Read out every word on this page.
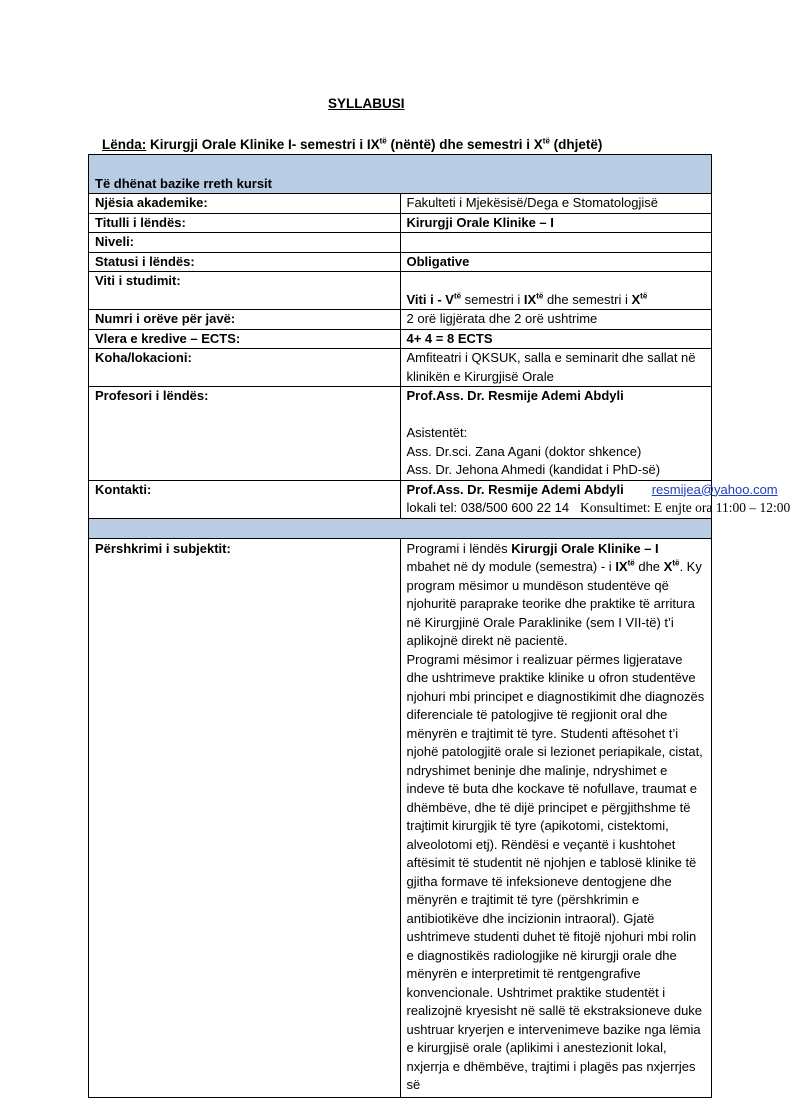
SYLLABUSI
Lënda: Kirurgji Orale Klinike I- semestri i $IX^{të}$ (nëntë) dhe semestri i $X^{të}$ (dhjetë)
Të dhënat bazike rreth kursit	
Njësia akademike:	Fakulteti i Mjekësisë/Dega e Stomatologjisë
Titulli i lëndës:	Kirurgji Orale Klinike – I
Niveli:	
Statusi i lëndës:	Obligative
Viti i studimit:	Viti i - $V^{të}$ semestri i $IX^{të}$ dhe semestri i $X^{të}$
Numri i orëve për javë:	2 orë ligjërata dhe 2 orë ushtrime
Vlera e kredive – ECTS:	4+ 4 = 8 ECTS
Koha/lokacioni:	Amfiteatri i QKSUK, salla e seminarit dhe sallat në klinikën e Kirurgjisë Orale
Profesori i lëndës:	Prof.Ass. Dr. Resmije Ademi Abdyli
Asistentët:
Ass. Dr.sci. Zana Agani (doktor shkence)
Ass. Dr. Jehona Ahmedi (kandidat i PhD-së)

Kontakti:	Prof.Ass. Dr. Resmije Ademi Abdyli resmijea@yahoo.com
lokali tel: 038/500 600 22 14 Konsultimet: E enjte ora 11:00 – 12:00

Përshkrimi i subjektit:	Programi i lëndës Kirurgji Orale Klinike – I mbahet në dy module (semestra) - i $IX^{të}$ dhe $X^{të}$. Ky program mësimor u mundëson studentëve që njohuritë paraprake teorike dhe praktike të arritura në Kirurgjinë Orale Paraklinike (sem I VII-të) t’i aplikojnë direkt në pacientë.
Programi mësimor i realizuar përmes ligjeratave dhe ushtrimeve praktike klinike u ofron studentëve njohuri mbi principet e diagnostikimit dhe diagnozës diferenciale të patologjive të regjionit oral dhe mënyrën e trajtimit të tyre. Studenti aftësohet t’i njohë patologjitë orale si lezionet periapikale, cistat, ndryshimet beninje dhe malinje, ndryshimet e indeve të buta dhe kockave të nofullave, traumat e dhëmbëve, dhe të dijë principet e përgjithshme të trajtimit kirurgjik të tyre (apikotomi, cistektomi, alveolotomi etj). Rëndësi e veçantë i kushtohet aftësimit të studentit në njohjen e tablosë klinike të gjitha formave të infeksioneve dentogjene dhe mënyrën e trajtimit të tyre (përshkrimin e antibiotikëve dhe incizionin intraoral). Gjatë ushtrimeve studenti duhet të fitojë njohuri mbi rolin e diagnostikës radiologjike në kirurgji orale dhe mënyrën e interpretimit të rentgengrafive konvencionale. Ushtrimet praktike studentët i realizojnë kryesisht në sallë të ekstraksioneve duke ushtruar kryerjen e intervenimeve bazike nga lëmia e kirurgjisë orale (aplikimi i anestezionit lokal, nxjerrja e dhëmbëve, trajtimi i plagës pas nxjerrjes së
